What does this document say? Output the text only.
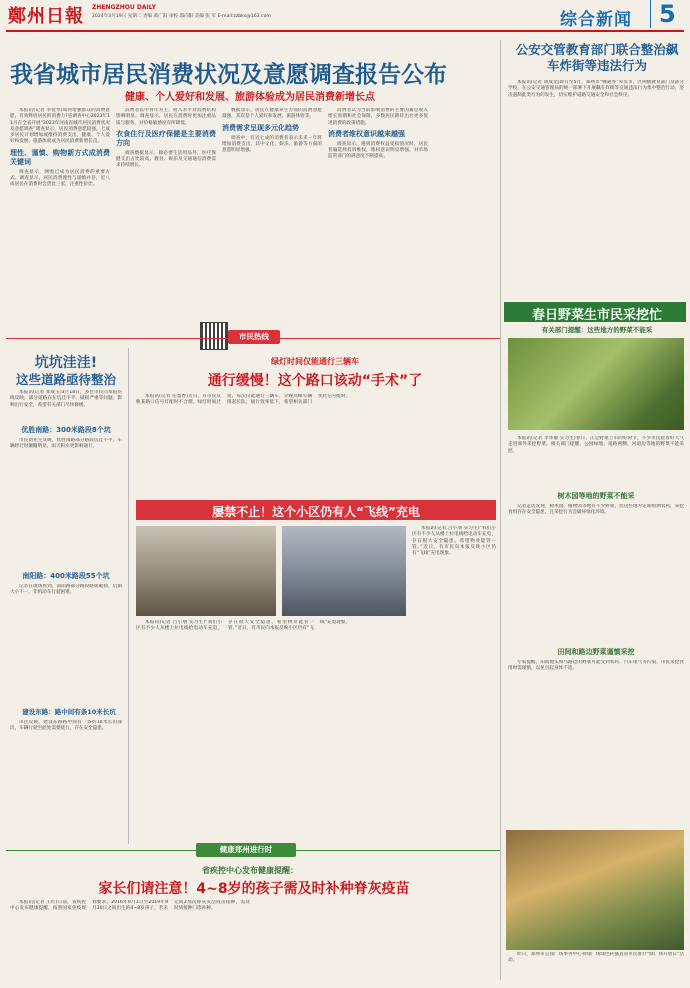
鄭州日報 ZHENGZHOU DAILY
2024年3月19日 星期二 责编 葛广阳 审校 邵向阳 美编 张 军 E-mail:zzbks@163.com	综合新闻	5
我省城市居民消费状况及意愿调查报告公布
健康、个人爱好和发展、旅游体验成为居民消费新增长点

本报讯(记者 李爱琴)如何增强群众的消费意愿、有效释放居民的消费力?省调查中心2023年11月在全省开展“2023年河南省城市居民消费状况及意愿调查”调查显示，居民消费意愿较强，七成多居民计划增加或维持消费支出，健康、个人爱好和发展、旅游体验成为居民消费新增长点。

理性、谨慎、购物新方式成消费关键词

调查显示，网购已成为居民消费的重要方式。调查显示，居民消费理性与谨慎并存，近八成居民在消费时会货比三家，注重性价比。

消费者以中青年为主，收入水平对消费结构影响明显。调查显示，居民在消费时更加注重品质与服务，对价格敏感度有所降低。

衣食住行及医疗保健是主要消费方向

调查数据显示，除必要生活用品外，医疗保健支出占比较高，教育、娱乐及交通通信消费需求持续增长。

数据显示，居民在健康养生方面的消费意愿最强，其次是个人爱好和发展、旅游体验等。

消费需求呈现多元化趋势

调查中，有近七成的消费者表示未来一年将增加消费支出，其中文化、娱乐、旅游等方面的意愿明显增强。

消费者认为当前影响消费的主要因素是收入增长预期和社会保障，多数居民期待出台更多促进消费的政策措施。

消费者维权意识越来越强

调查显示，遇到消费权益受损情况时，居民普遍选择投诉维权，维权意识明显增强，对市场监管部门的满意度不断提高。

公安交管教育部门联合整治飙车炸街等违法行为

本报讯(记者 胡成龙)即日至5月，郑州市“畅通办”牵头市、区两级教育部门及部分学校，在公安交通管理局的统一部署下开展飙车炸街等交通违法行为集中整治行动，坚决遏制此类行为的发生，切实维护道路交通安全和社会秩序。

春日野菜生市民采挖忙
有关部门提醒：这些地方的野菜不能采

本报讯(记者 李华敏 实习生)春日，正是野菜上市的好时节，不少市民趁着好天气走进郊外采挖野菜。相关部门提醒，公园绿地、道路两侧、河道边等地的野菜不能采挖。

树木园等地的野菜不能采

记者走访发现，树木园、植物园等地有不少野菜，但这些地方定期喷洒农药，采挖食用存在安全隐患，且采挖行为会破坏绿化环境。

田间和路边野菜谨慎采挖

专家提醒，田间地头和马路边的野菜可能受到农药、汽车尾气等污染，市民采挖食用时需谨慎，以免引起身体不适。

昨日，郑州市公园广场事务中心将绿广场绿色转插直向市民推介“绿广场开放日”活动。

市民热线
坑坑洼洼!
这些道路亟待整治

本报讯(记者 郑成玉)3月18日，多位市民向本报热线反映，部分道路存在坑洼不平、破损严重等问题，影响出行安全，希望有关部门尽快修缮。

优胜南路：300米路段8个坑

市民刘先生反映，优胜南路部分路段坑洼不平，车辆经过时颠簸明显，雨天积水更影响通行。

南阳路：400米路段55个坑

记者在现场看到，南阳路部分路段路面破损，坑洞大小不一，非机动车行驶困难。

建设东路：路中间有条10米长坑

市民反映，建设东路路中间有一条约10米长的深坑，车辆行驶至此处需要绕行，存在安全隐患。

绿灯时间仅能通行三辆车
通行缓慢！这个路口该动“手术”了

本报讯(记者 任墨香)近日，有市民反映某路口信号灯配时不合理，绿灯时间过短，每次仅能通行三辆车，早晚高峰车辆排起长队，通行效率低下，希望相关部门优化信号配时。

屡禁不止！这个小区仍有人“飞线”充电

本报讯(记者 吕小朋 实习生)“我们小区有不少人从楼上拉电线给电动车充电，存在很大安全隐患，希望物业能管一管。”近日，有市民向本报反映小区仍有“飞线”充电现象。

本报讯(记者 吕小朋 实习生)“我们小区有不少人从楼上拉电线给电动车充电，存在很大安全隐患，希望物业能管一管。”近日，有市民向本报反映小区仍有“飞线”充电现象。

健康郑州进行时
省疾控中心发布健康提醒：
家长们请注意！4~8岁的孩子需及时补种脊灰疫苗

本报讯(记者 王红)日前，省疾控中心发布健康提醒，按照国家免疫规划要求，2016年9月1日至2019年9月30日之间出生的4~8岁孩子，若未完成2剂次脊灰灭活疫苗接种，需及时到接种门诊补种。
